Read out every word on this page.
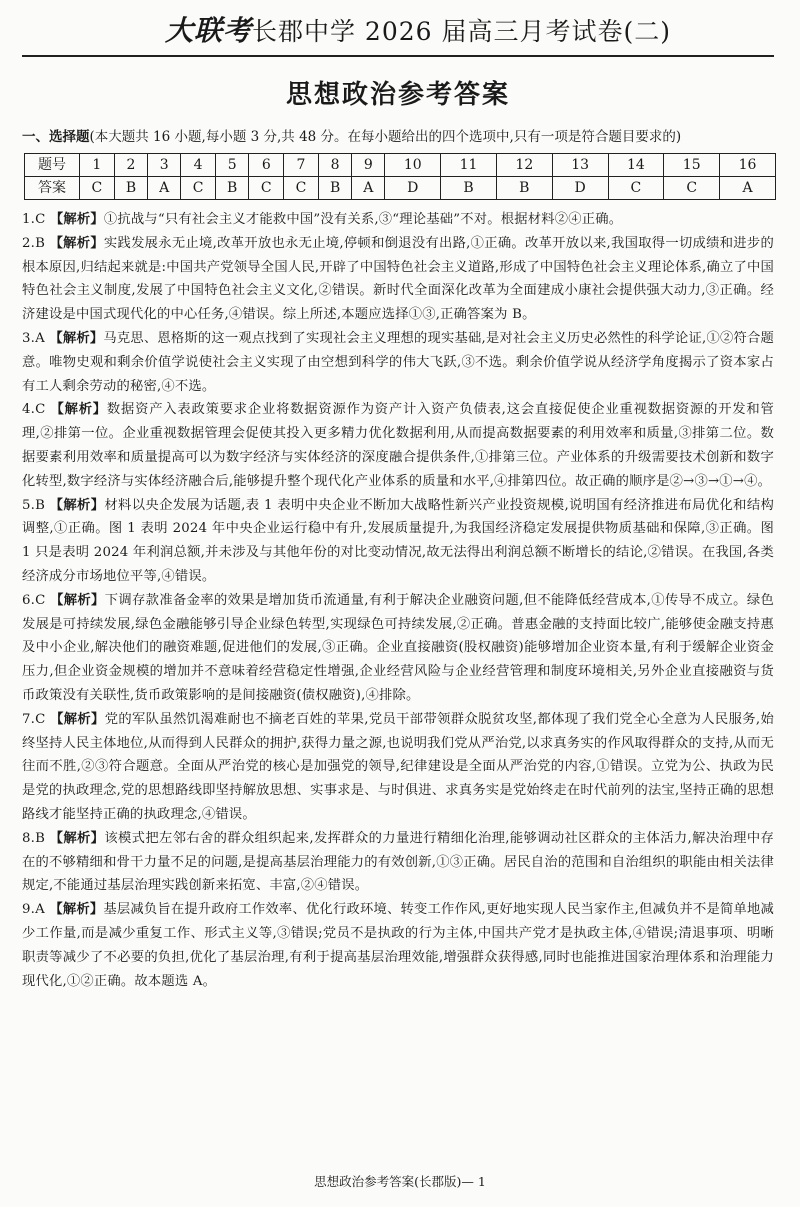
大联考长郡中学 2026 届高三月考试卷(二)
思想政治参考答案
一、选择题(本大题共 16 小题,每小题 3 分,共 48 分。在每小题给出的四个选项中,只有一项是符合题目要求的)
题号	1	2	3	4	5	6	7	8	9	10	11	12	13	14	15	16
答案	C	B	A	C	B	C	C	B	A	D	B	B	D	C	C	A

1.C 【解析】①抗战与“只有社会主义才能救中国”没有关系,③“理论基础”不对。根据材料②④正确。

2.B 【解析】实践发展永无止境,改革开放也永无止境,停顿和倒退没有出路,①正确。改革开放以来,我国取得一切成绩和进步的根本原因,归结起来就是:中国共产党领导全国人民,开辟了中国特色社会主义道路,形成了中国特色社会主义理论体系,确立了中国特色社会主义制度,发展了中国特色社会主义文化,②错误。新时代全面深化改革为全面建成小康社会提供强大动力,③正确。经济建设是中国式现代化的中心任务,④错误。综上所述,本题应选择①③,正确答案为 B。

3.A 【解析】马克思、恩格斯的这一观点找到了实现社会主义理想的现实基础,是对社会主义历史必然性的科学论证,①②符合题意。唯物史观和剩余价值学说使社会主义实现了由空想到科学的伟大飞跃,③不选。剩余价值学说从经济学角度揭示了资本家占有工人剩余劳动的秘密,④不选。

4.C 【解析】数据资产入表政策要求企业将数据资源作为资产计入资产负债表,这会直接促使企业重视数据资源的开发和管理,②排第一位。企业重视数据管理会促使其投入更多精力优化数据利用,从而提高数据要素的利用效率和质量,③排第二位。数据要素利用效率和质量提高可以为数字经济与实体经济的深度融合提供条件,①排第三位。产业体系的升级需要技术创新和数字化转型,数字经济与实体经济融合后,能够提升整个现代化产业体系的质量和水平,④排第四位。故正确的顺序是②→③→①→④。

5.B 【解析】材料以央企发展为话题,表 1 表明中央企业不断加大战略性新兴产业投资规模,说明国有经济推进布局优化和结构调整,①正确。图 1 表明 2024 年中央企业运行稳中有升,发展质量提升,为我国经济稳定发展提供物质基础和保障,③正确。图 1 只是表明 2024 年利润总额,并未涉及与其他年份的对比变动情况,故无法得出利润总额不断增长的结论,②错误。在我国,各类经济成分市场地位平等,④错误。

6.C 【解析】下调存款准备金率的效果是增加货币流通量,有利于解决企业融资问题,但不能降低经营成本,①传导不成立。绿色发展是可持续发展,绿色金融能够引导企业绿色转型,实现绿色可持续发展,②正确。普惠金融的支持面比较广,能够使金融支持惠及中小企业,解决他们的融资难题,促进他们的发展,③正确。企业直接融资(股权融资)能够增加企业资本量,有利于缓解企业资金压力,但企业资金规模的增加并不意味着经营稳定性增强,企业经营风险与企业经营管理和制度环境相关,另外企业直接融资与货币政策没有关联性,货币政策影响的是间接融资(债权融资),④排除。

7.C 【解析】党的军队虽然饥渴难耐也不摘老百姓的苹果,党员干部带领群众脱贫攻坚,都体现了我们党全心全意为人民服务,始终坚持人民主体地位,从而得到人民群众的拥护,获得力量之源,也说明我们党从严治党,以求真务实的作风取得群众的支持,从而无往而不胜,②③符合题意。全面从严治党的核心是加强党的领导,纪律建设是全面从严治党的内容,①错误。立党为公、执政为民是党的执政理念,党的思想路线即坚持解放思想、实事求是、与时俱进、求真务实是党始终走在时代前列的法宝,坚持正确的思想路线才能坚持正确的执政理念,④错误。

8.B 【解析】该模式把左邻右舍的群众组织起来,发挥群众的力量进行精细化治理,能够调动社区群众的主体活力,解决治理中存在的不够精细和骨干力量不足的问题,是提高基层治理能力的有效创新,①③正确。居民自治的范围和自治组织的职能由相关法律规定,不能通过基层治理实践创新来拓宽、丰富,②④错误。

9.A 【解析】基层减负旨在提升政府工作效率、优化行政环境、转变工作作风,更好地实现人民当家作主,但减负并不是简单地减少工作量,而是减少重复工作、形式主义等,③错误;党员不是执政的行为主体,中国共产党才是执政主体,④错误;清退事项、明晰职责等减少了不必要的负担,优化了基层治理,有利于提高基层治理效能,增强群众获得感,同时也能推进国家治理体系和治理能力现代化,①②正确。故本题选 A。

思想政治参考答案(长郡版)— 1
